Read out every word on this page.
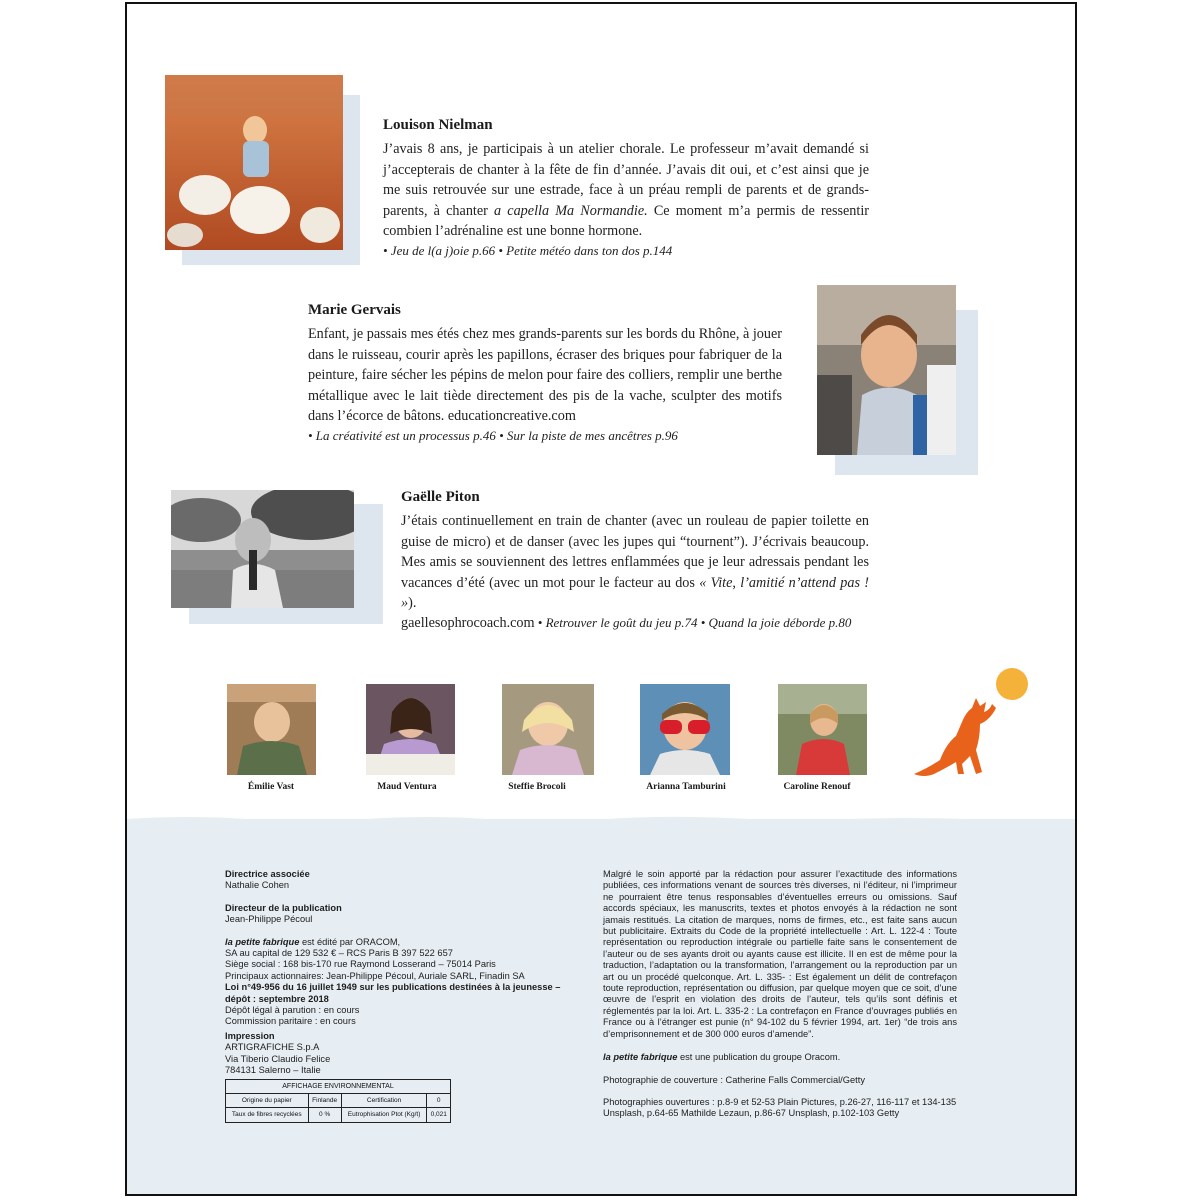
Louison Nielman
J’avais 8 ans, je participais à un atelier chorale. Le professeur m’avait demandé si j’accepterais de chanter à la fête de fin d’année. J’avais dit oui, et c’est ainsi que je me suis retrouvée sur une estrade, face à un préau rempli de parents et de grands-parents, à chanter a capella Ma Normandie. Ce moment m’a permis de ressentir combien l’adrénaline est une bonne hormone.
• Jeu de l(a j)oie p.66 • Petite météo dans ton dos p.144
Marie Gervais
Enfant, je passais mes étés chez mes grands-parents sur les bords du Rhône, à jouer dans le ruisseau, courir après les papillons, écraser des briques pour fabriquer de la peinture, faire sécher les pépins de melon pour faire des colliers, remplir une berthe métallique avec le lait tiède directement des pis de la vache, sculpter des motifs dans l’écorce de bâtons. educationcreative.com
• La créativité est un processus p.46 • Sur la piste de mes ancêtres p.96
Gaëlle Piton
J’étais continuellement en train de chanter (avec un rouleau de papier toilette en guise de micro) et de danser (avec les jupes qui “tournent”). J’écrivais beaucoup. Mes amis se souviennent des lettres enflammées que je leur adressais pendant les vacances d’été (avec un mot pour le facteur au dos « Vite, l’amitié n’attend pas ! »).
gaellesophrocoach.com • Retrouver le goût du jeu p.74 • Quand la joie déborde p.80
Émilie Vast	Maud Ventura	Steffie Brocoli	Arianna Tamburini	Caroline Renouf
Directrice associée
Nathalie Cohen
Directeur de la publication
Jean-Philippe Pécoul
la petite fabrique est édité par ORACOM,
SA au capital de 129 532 € – RCS Paris B 397 522 657
Siège social : 168 bis-170 rue Raymond Losserand – 75014 Paris
Principaux actionnaires: Jean-Philippe Pécoul, Auriale SARL, Finadin SA
Loi n°49-956 du 16 juillet 1949 sur les publications destinées à la jeunesse – dépôt : septembre 2018
Dépôt légal à parution : en cours
Commission paritaire : en cours
Impression
ARTIGRAFICHE S.p.A
Via Tiberio Claudio Felice
784131 Salerno – Italie
AFFICHAGE ENVIRONNEMENTAL			
Origine du papier	Finlande	Certification	0
Taux de fibres recyclées	0 %	Eutrophisation Ptot (Kg/t)	0,021
Malgré le soin apporté par la rédaction pour assurer l’exactitude des informations publiées, ces informations venant de sources très diverses, ni l’éditeur, ni l’imprimeur ne pourraient être tenus responsables d’éventuelles erreurs ou omissions. Sauf accords spéciaux, les manuscrits, textes et photos envoyés à la rédaction ne sont jamais restitués. La citation de marques, noms de firmes, etc., est faite sans aucun but publicitaire. Extraits du Code de la propriété intellectuelle : Art. L. 122-4 : Toute représentation ou reproduction intégrale ou partielle faite sans le consentement de l’auteur ou de ses ayants droit ou ayants cause est illicite. Il en est de même pour la traduction, l’adaptation ou la transformation, l’arrangement ou la reproduction par un art ou un procédé quelconque. Art. L. 335- : Est également un délit de contrefaçon toute reproduction, représentation ou diffusion, par quelque moyen que ce soit, d’une œuvre de l’esprit en violation des droits de l’auteur, tels qu’ils sont définis et réglementés par la loi. Art. L. 335-2 : La contrefaçon en France d’ouvrages publiés en France ou à l’étranger est punie (n° 94-102 du 5 février 1994, art. 1er) “de trois ans d’emprisonnement et de 300 000 euros d’amende”.
la petite fabrique est une publication du groupe Oracom.
Photographie de couverture : Catherine Falls Commercial/Getty
Photographies ouvertures : p.8-9 et 52-53 Plain Pictures, p.26-27, 116-117 et 134-135 Unsplash, p.64-65 Mathilde Lezaun, p.86-67 Unsplash, p.102-103 Getty
